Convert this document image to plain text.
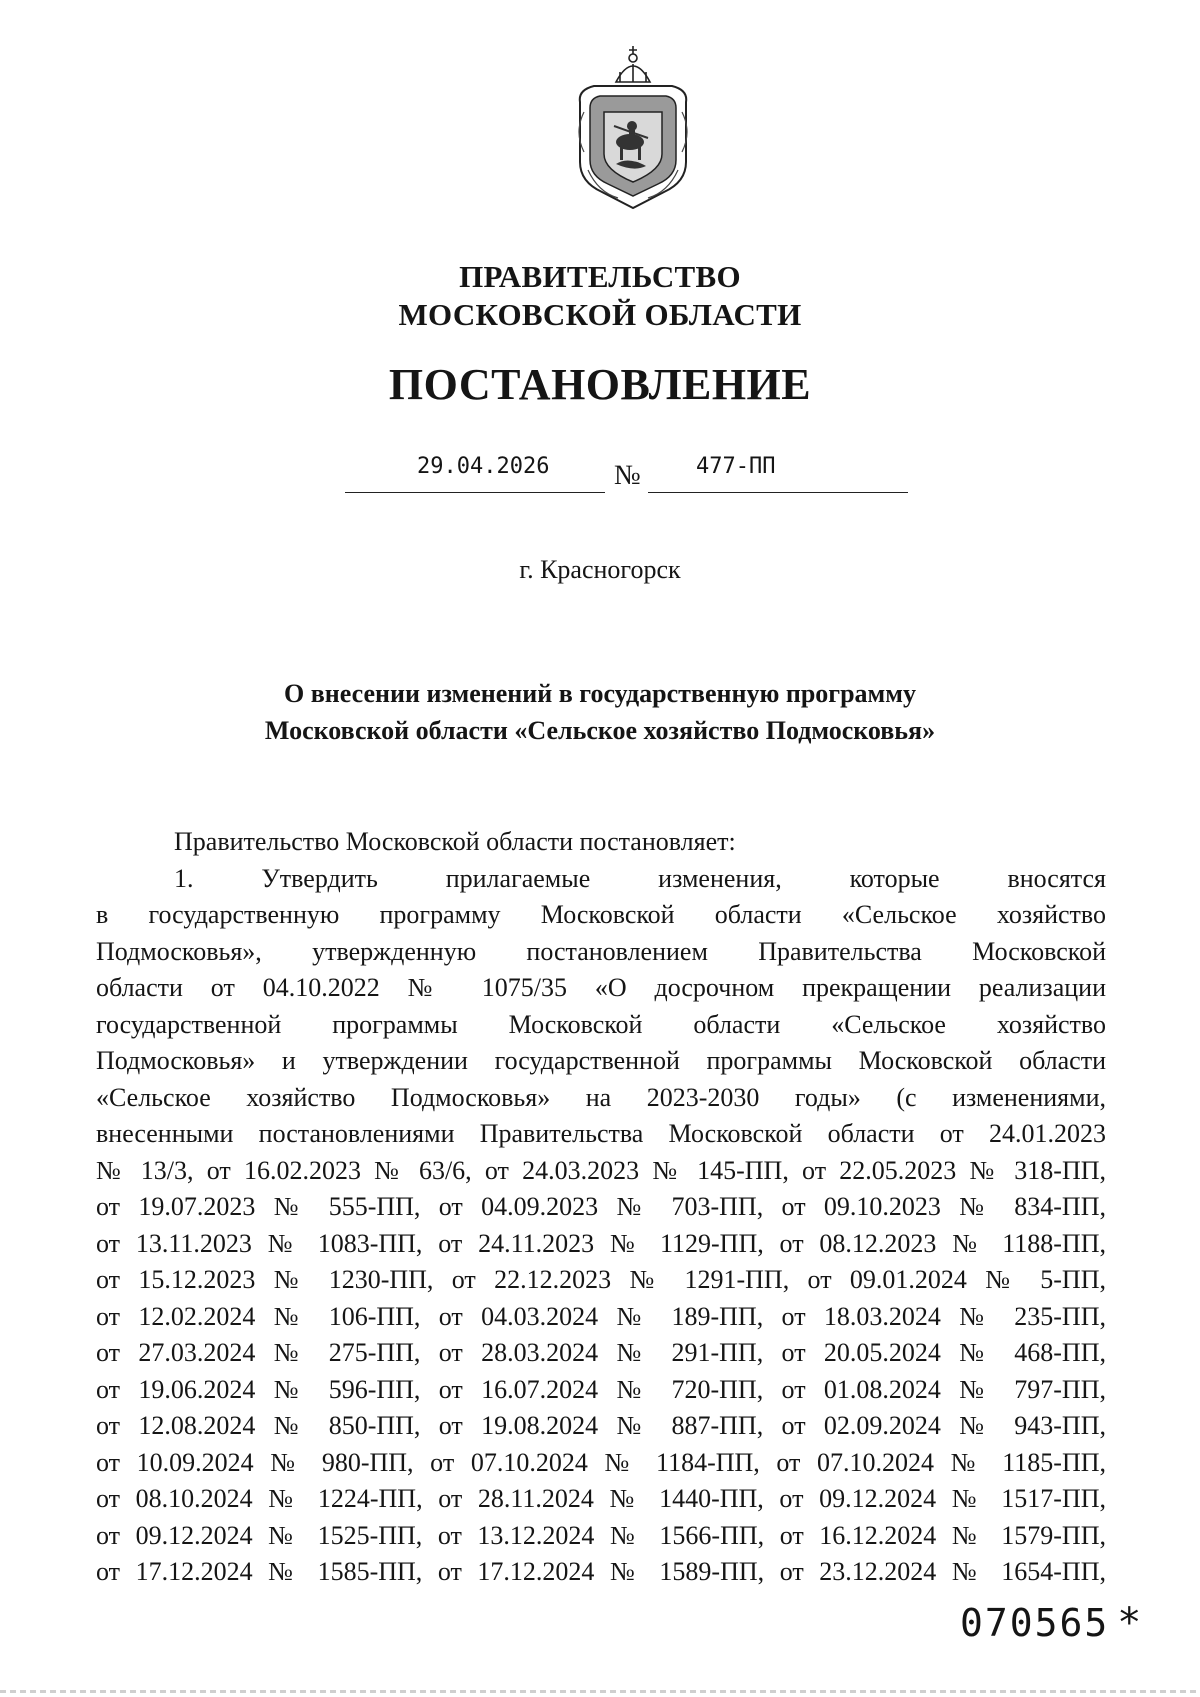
ПРАВИТЕЛЬСТВО
МОСКОВСКОЙ ОБЛАСТИ
ПОСТАНОВЛЕНИЕ
29.04.2026 №	477-ПП
г. Красногорск
О внесении изменений в государственную программу
Московской области «Сельское хозяйство Подмосковья»
Правительство Московской области постановляет:
1. Утвердить прилагаемые изменения, которые вносятся
в государственную программу Московской области «Сельское хозяйство
Подмосковья», утвержденную постановлением Правительства Московской
области от 04.10.2022 № 1075/35 «О досрочном прекращении реализации
государственной программы Московской области «Сельское хозяйство
Подмосковья» и утверждении государственной программы Московской области
«Сельское хозяйство Подмосковья» на 2023-2030 годы» (с изменениями,
внесенными постановлениями Правительства Московской области от 24.01.2023
№ 13/3, от 16.02.2023 № 63/6, от 24.03.2023 № 145-ПП, от 22.05.2023 № 318-ПП,
от 19.07.2023 № 555-ПП, от 04.09.2023 № 703-ПП, от 09.10.2023 № 834-ПП,
от 13.11.2023 № 1083-ПП, от 24.11.2023 № 1129-ПП, от 08.12.2023 № 1188-ПП,
от 15.12.2023 № 1230-ПП, от 22.12.2023 № 1291-ПП, от 09.01.2024 № 5-ПП,
от 12.02.2024 № 106-ПП, от 04.03.2024 № 189-ПП, от 18.03.2024 № 235-ПП,
от 27.03.2024 № 275-ПП, от 28.03.2024 № 291-ПП, от 20.05.2024 № 468-ПП,
от 19.06.2024 № 596-ПП, от 16.07.2024 № 720-ПП, от 01.08.2024 № 797-ПП,
от 12.08.2024 № 850-ПП, от 19.08.2024 № 887-ПП, от 02.09.2024 № 943-ПП,
от 10.09.2024 № 980-ПП, от 07.10.2024 № 1184-ПП, от 07.10.2024 № 1185-ПП,
от 08.10.2024 № 1224-ПП, от 28.11.2024 № 1440-ПП, от 09.12.2024 № 1517-ПП,
от 09.12.2024 № 1525-ПП, от 13.12.2024 № 1566-ПП, от 16.12.2024 № 1579-ПП,
от 17.12.2024 № 1585-ПП, от 17.12.2024 № 1589-ПП, от 23.12.2024 № 1654-ПП,
070565 *
